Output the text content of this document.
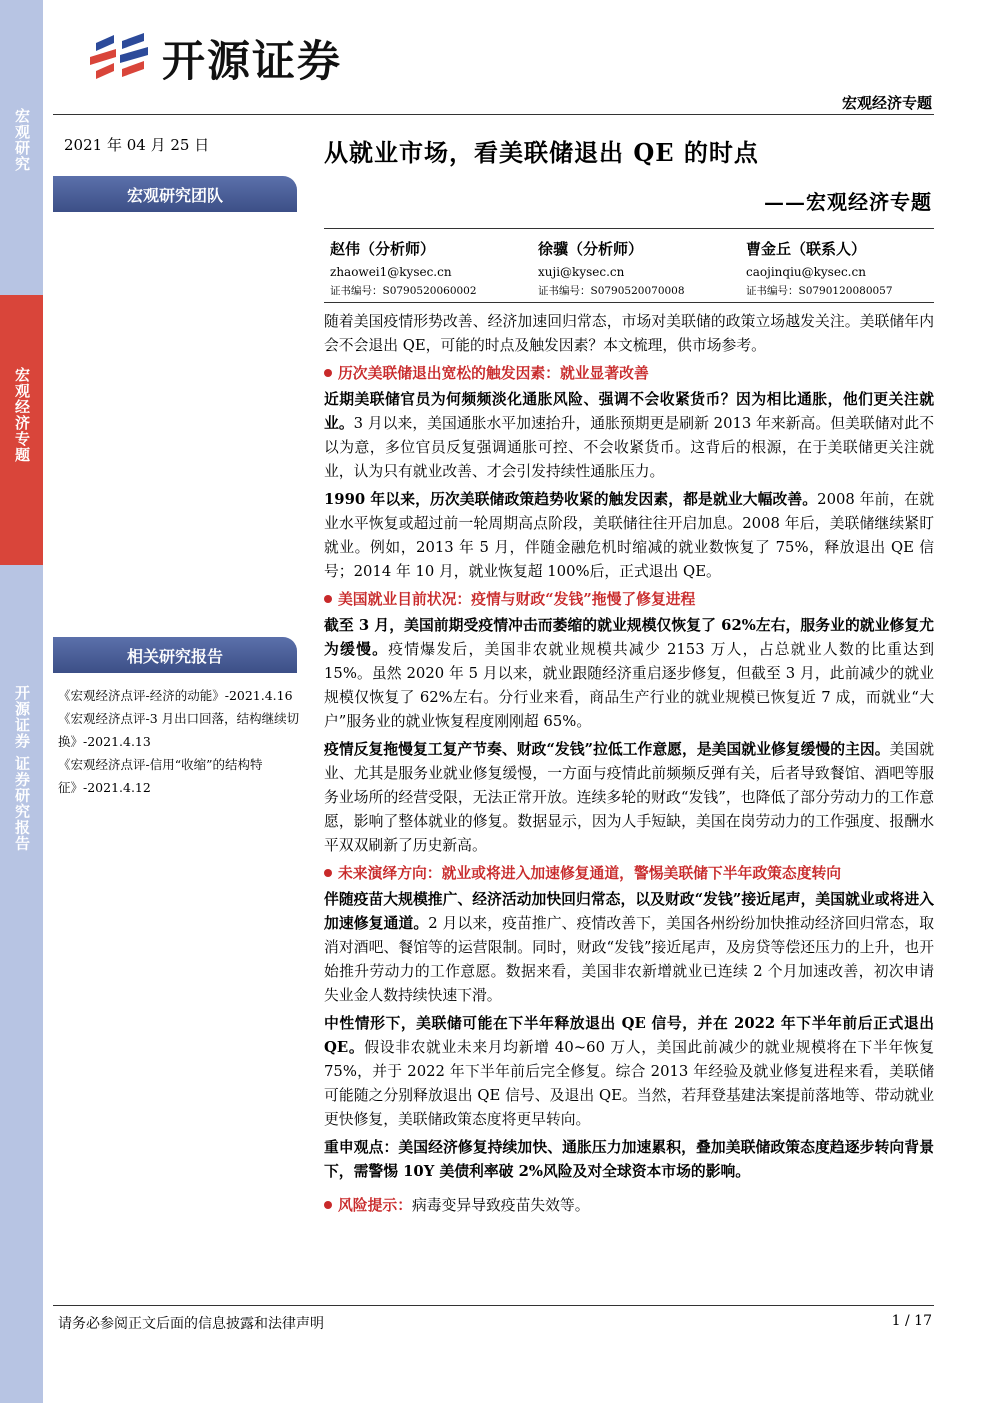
宏观研究
宏观经济专题
开源证券 证券研究报告
开源证券
宏观经济专题
2021 年 04 月 25 日
宏观研究团队
相关研究报告
《宏观经济点评-经济的动能》-2021.4.16
《宏观经济点评-3 月出口回落，结构继续切换》-2021.4.13
《宏观经济点评-信用“收缩”的结构特征》-2021.4.12
从就业市场，看美联储退出 QE 的时点
——宏观经济专题
赵伟（分析师）
zhaowei1@kysec.cn
证书编号：S0790520060002
徐骥（分析师）
xuji@kysec.cn
证书编号：S0790520070008
曹金丘（联系人）
caojinqiu@kysec.cn
证书编号：S0790120080057

随着美国疫情形势改善、经济加速回归常态，市场对美联储的政策立场越发关注。美联储年内会不会退出 QE，可能的时点及触发因素？本文梳理，供市场参考。

历次美联储退出宽松的触发因素：就业显著改善

近期美联储官员为何频频淡化通胀风险、强调不会收紧货币？因为相比通胀，他们更关注就业。3 月以来，美国通胀水平加速抬升，通胀预期更是刷新 2013 年来新高。但美联储对此不以为意，多位官员反复强调通胀可控、不会收紧货币。这背后的根源，在于美联储更关注就业，认为只有就业改善、才会引发持续性通胀压力。

1990 年以来，历次美联储政策趋势收紧的触发因素，都是就业大幅改善。2008 年前，在就业水平恢复或超过前一轮周期高点阶段，美联储往往开启加息。2008 年后，美联储继续紧盯就业。例如，2013 年 5 月，伴随金融危机时缩减的就业数恢复了 75%，释放退出 QE 信号；2014 年 10 月，就业恢复超 100%后，正式退出 QE。

美国就业目前状况：疫情与财政“发钱”拖慢了修复进程

截至 3 月，美国前期受疫情冲击而萎缩的就业规模仅恢复了 62%左右，服务业的就业修复尤为缓慢。疫情爆发后，美国非农就业规模共减少 2153 万人，占总就业人数的比重达到 15%。虽然 2020 年 5 月以来，就业跟随经济重启逐步修复，但截至 3 月，此前减少的就业规模仅恢复了 62%左右。分行业来看，商品生产行业的就业规模已恢复近 7 成，而就业“大户”服务业的就业恢复程度刚刚超 65%。

疫情反复拖慢复工复产节奏、财政“发钱”拉低工作意愿，是美国就业修复缓慢的主因。美国就业、尤其是服务业就业修复缓慢，一方面与疫情此前频频反弹有关，后者导致餐馆、酒吧等服务业场所的经营受限，无法正常开放。连续多轮的财政“发钱”，也降低了部分劳动力的工作意愿，影响了整体就业的修复。数据显示，因为人手短缺，美国在岗劳动力的工作强度、报酬水平双双刷新了历史新高。

未来演绎方向：就业或将进入加速修复通道，警惕美联储下半年政策态度转向

伴随疫苗大规模推广、经济活动加快回归常态，以及财政“发钱”接近尾声，美国就业或将进入加速修复通道。2 月以来，疫苗推广、疫情改善下，美国各州纷纷加快推动经济回归常态，取消对酒吧、餐馆等的运营限制。同时，财政“发钱”接近尾声，及房贷等偿还压力的上升，也开始推升劳动力的工作意愿。数据来看，美国非农新增就业已连续 2 个月加速改善，初次申请失业金人数持续快速下滑。

中性情形下，美联储可能在下半年释放退出 QE 信号，并在 2022 年下半年前后正式退出 QE。假设非农就业未来月均新增 40~60 万人，美国此前减少的就业规模将在下半年恢复 75%，并于 2022 年下半年前后完全修复。综合 2013 年经验及就业修复进程来看，美联储可能随之分别释放退出 QE 信号、及退出 QE。当然，若拜登基建法案提前落地等、带动就业更快修复，美联储政策态度将更早转向。

重申观点：美国经济修复持续加快、通胀压力加速累积，叠加美联储政策态度趋逐步转向背景下，需警惕 10Y 美债利率破 2%风险及对全球资本市场的影响。

风险提示：病毒变异导致疫苗失效等。
请务必参阅正文后面的信息披露和法律声明	1 / 17
